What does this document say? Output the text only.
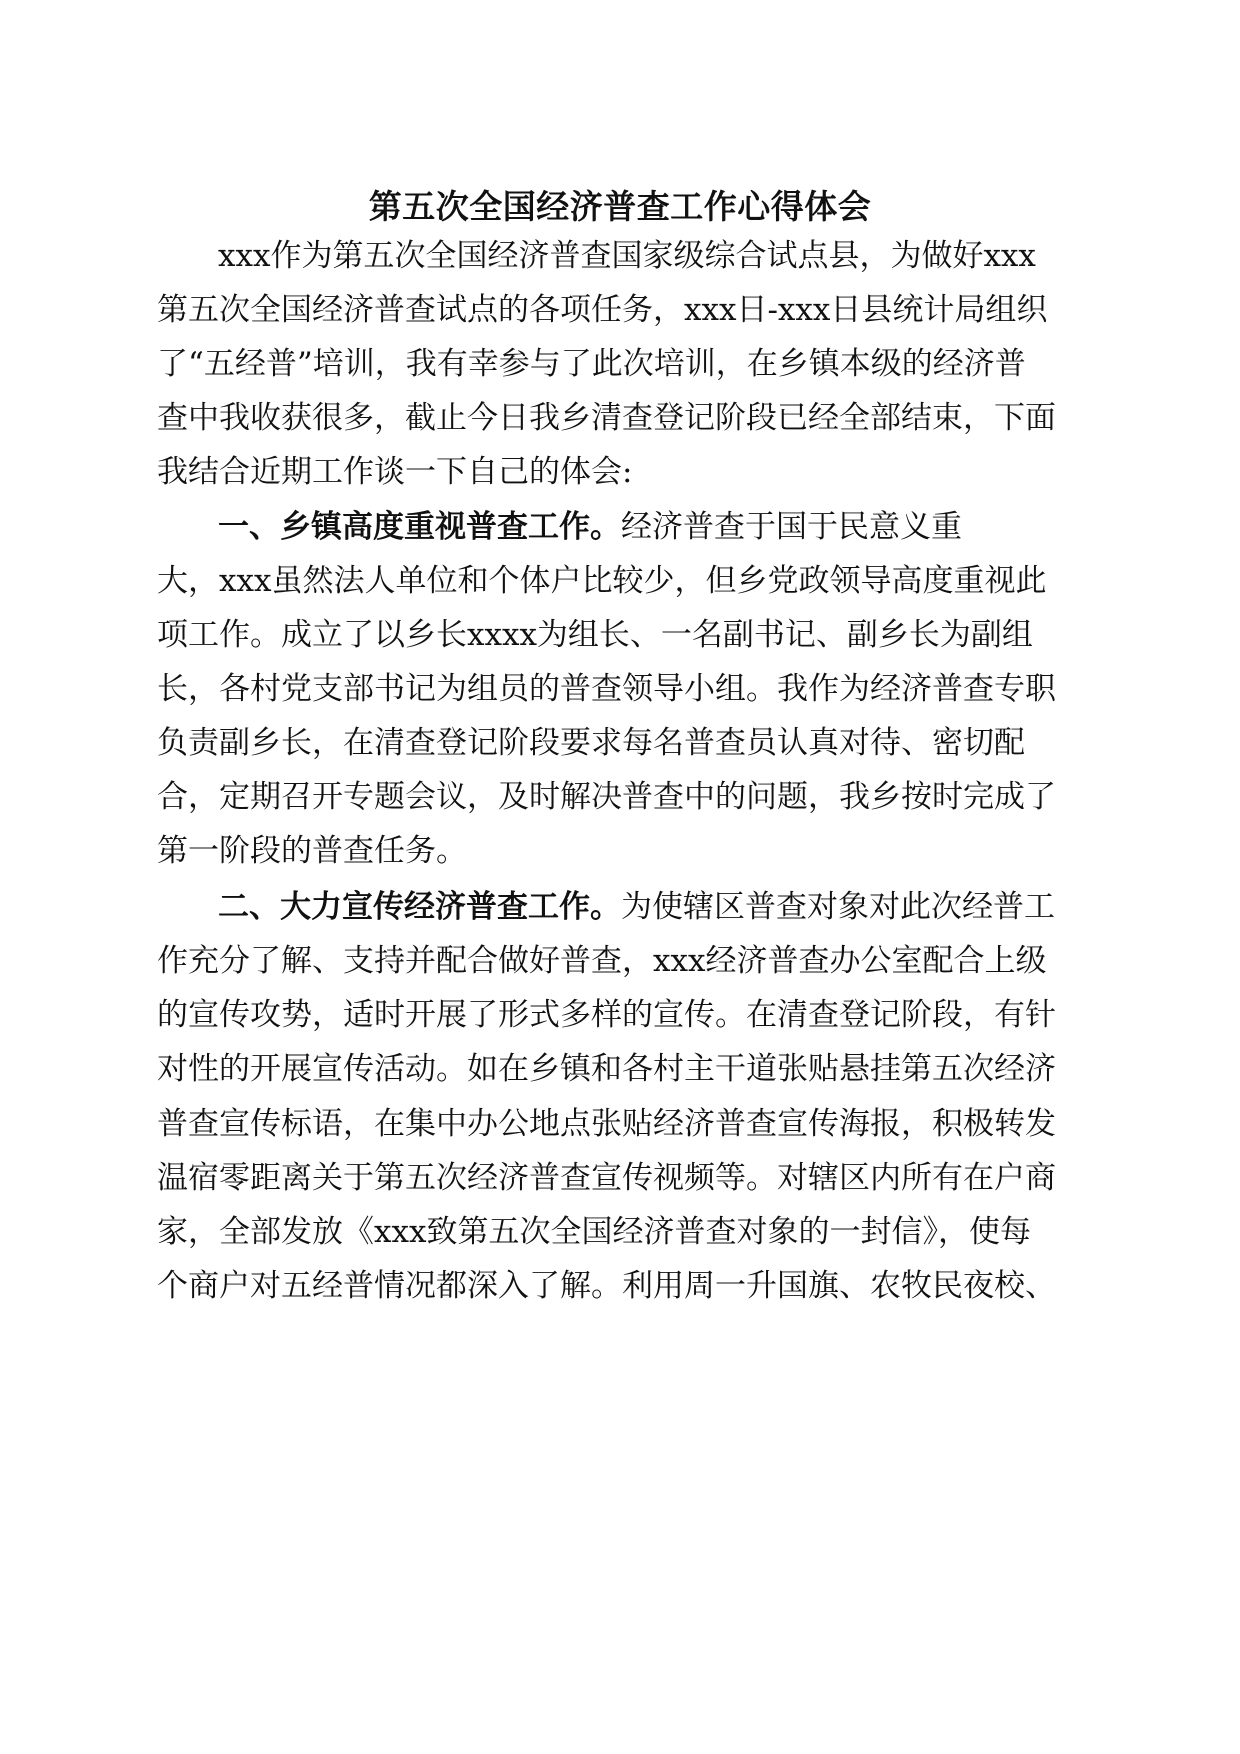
第五次全国经济普查工作心得体会

xxx作为第五次全国经济普查国家级综合试点县，为做好xxx

第五次全国经济普查试点的各项任务，xxx日-xxx日县统计局组织

了“五经普”培训，我有幸参与了此次培训，在乡镇本级的经济普

查中我收获很多，截止今日我乡清查登记阶段已经全部结束，下面

我结合近期工作谈一下自己的体会:

一、乡镇高度重视普查工作。经济普查于国于民意义重

大，xxx虽然法人单位和个体户比较少，但乡党政领导高度重视此

项工作。成立了以乡长xxxx为组长、一名副书记、副乡长为副组

长，各村党支部书记为组员的普查领导小组。我作为经济普查专职

负责副乡长，在清查登记阶段要求每名普查员认真对待、密切配

合，定期召开专题会议，及时解决普查中的问题，我乡按时完成了

第一阶段的普查任务。

二、大力宣传经济普查工作。为使辖区普查对象对此次经普工

作充分了解、支持并配合做好普查，xxx经济普查办公室配合上级

的宣传攻势，适时开展了形式多样的宣传。在清查登记阶段，有针

对性的开展宣传活动。如在乡镇和各村主干道张贴悬挂第五次经济

普查宣传标语，在集中办公地点张贴经济普查宣传海报，积极转发

温宿零距离关于第五次经济普查宣传视频等。对辖区内所有在户商

家，全部发放《xxx致第五次全国经济普查对象的一封信》，使每

个商户对五经普情况都深入了解。利用周一升国旗、农牧民夜校、
